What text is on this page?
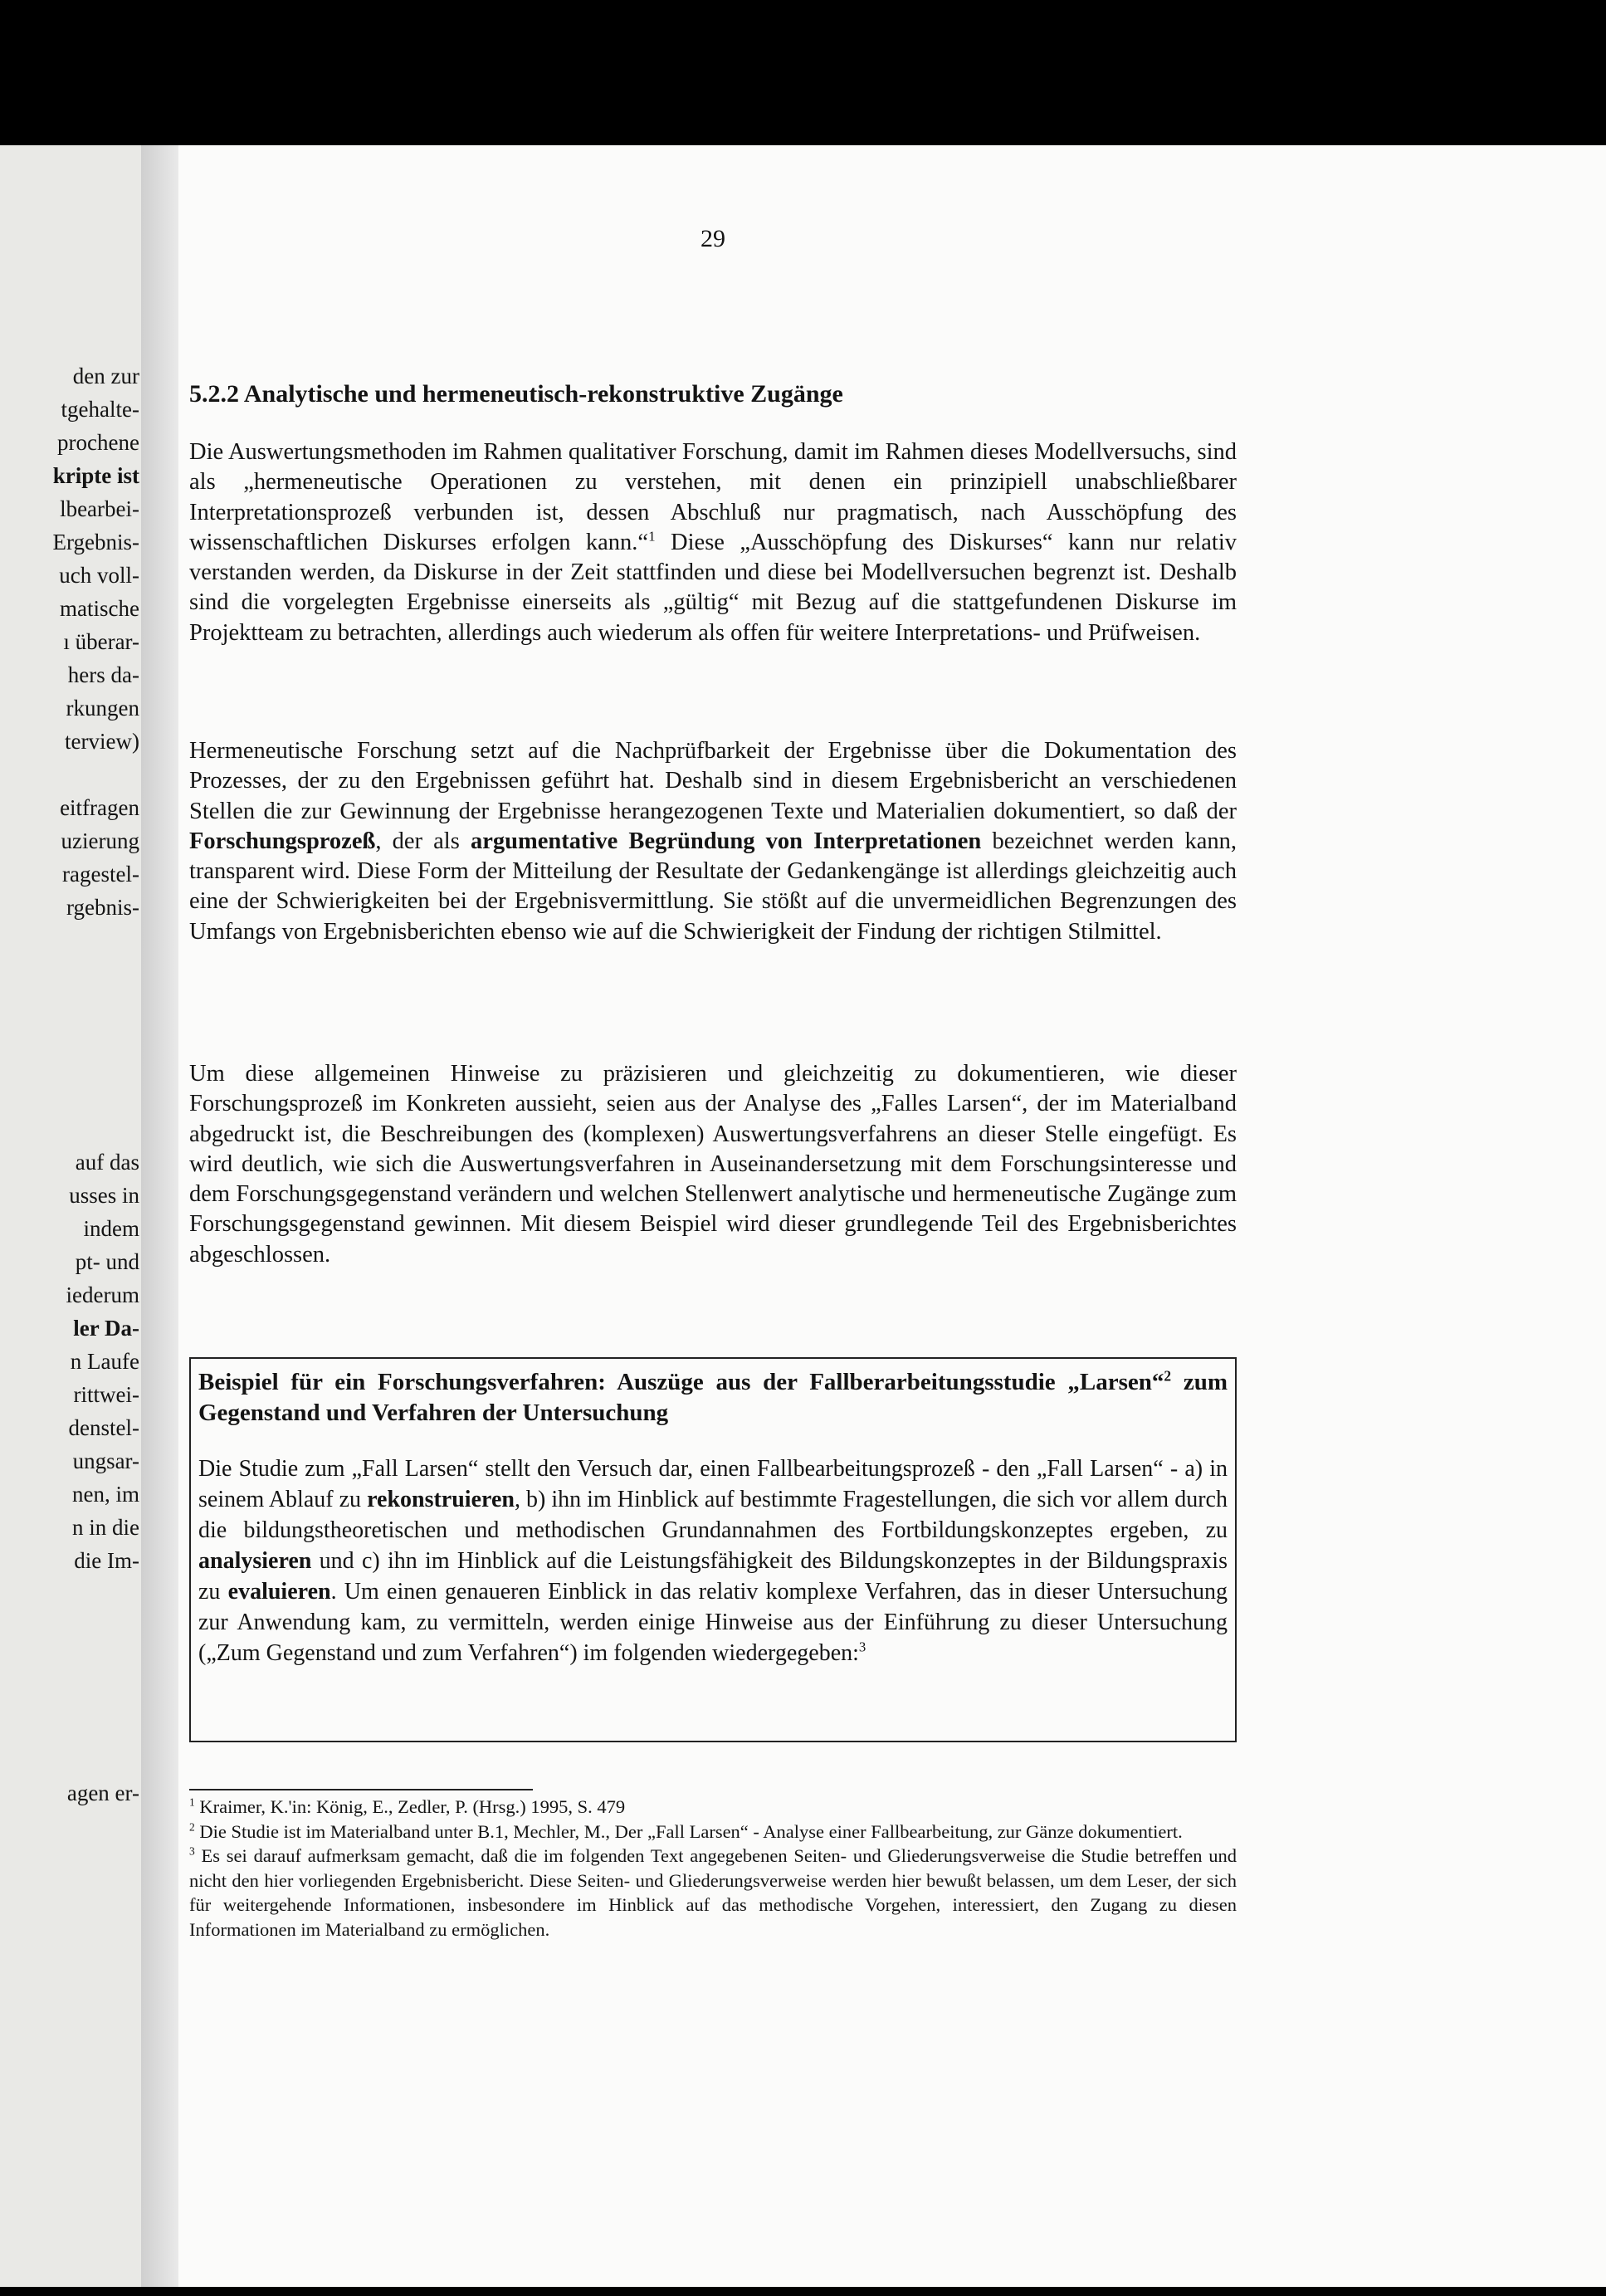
den zur
tgehalte-
prochene
kripte ist
lbearbei-
Ergebnis-
uch voll-
matische
ı überar-
hers da-
rkungen
terview)
eitfragen
uzierung
ragestel-
rgebnis-
auf das
usses in
indem
pt- und
iederum
ler Da-
n Laufe
rittwei-
denstel-
ungsar-
nen, im
n in die
die Im-
agen er-
29
5.2.2 Analytische und hermeneutisch-rekonstruktive Zugänge

Die Auswertungsmethoden im Rahmen qualitativer Forschung, damit im Rahmen dieses Modellversuchs, sind als „hermeneutische Operationen zu verstehen, mit denen ein prinzipiell unabschließbarer Interpretationsprozeß verbunden ist, dessen Abschluß nur pragmatisch, nach Ausschöpfung des wissenschaftlichen Diskurses erfolgen kann.“$^1$ Diese „Ausschöpfung des Diskurses“ kann nur relativ verstanden werden, da Diskurse in der Zeit stattfinden und diese bei Modellversuchen begrenzt ist. Deshalb sind die vorgelegten Ergebnisse einerseits als „gültig“ mit Bezug auf die stattgefundenen Diskurse im Projektteam zu betrachten, allerdings auch wiederum als offen für weitere Interpretations- und Prüfweisen.

Hermeneutische Forschung setzt auf die Nachprüfbarkeit der Ergebnisse über die Dokumentation des Prozesses, der zu den Ergebnissen geführt hat. Deshalb sind in diesem Ergebnisbericht an verschiedenen Stellen die zur Gewinnung der Ergebnisse herangezogenen Texte und Materialien dokumentiert, so daß der Forschungsprozeß, der als argumentative Begründung von Interpretationen bezeichnet werden kann, transparent wird. Diese Form der Mitteilung der Resultate der Gedankengänge ist allerdings gleichzeitig auch eine der Schwierigkeiten bei der Ergebnisvermittlung. Sie stößt auf die unvermeidlichen Begrenzungen des Umfangs von Ergebnisberichten ebenso wie auf die Schwierigkeit der Findung der richtigen Stilmittel.

Um diese allgemeinen Hinweise zu präzisieren und gleichzeitig zu dokumentieren, wie dieser Forschungsprozeß im Konkreten aussieht, seien aus der Analyse des „Falles Larsen“, der im Materialband abgedruckt ist, die Beschreibungen des (komplexen) Auswertungsverfahrens an dieser Stelle eingefügt. Es wird deutlich, wie sich die Auswertungsverfahren in Auseinandersetzung mit dem Forschungsinteresse und dem Forschungsgegenstand verändern und welchen Stellenwert analytische und hermeneutische Zugänge zum Forschungsgegenstand gewinnen. Mit diesem Beispiel wird dieser grundlegende Teil des Ergebnisberichtes abgeschlossen.

Beispiel für ein Forschungsverfahren: Auszüge aus der Fallberarbeitungsstudie „Larsen“$^2$ zum Gegenstand und Verfahren der Untersuchung

Die Studie zum „Fall Larsen“ stellt den Versuch dar, einen Fallbearbeitungsprozeß - den „Fall Larsen“ - a) in seinem Ablauf zu rekonstruieren, b) ihn im Hinblick auf bestimmte Fragestellungen, die sich vor allem durch die bildungstheoretischen und methodischen Grundannahmen des Fortbildungskonzeptes ergeben, zu analysieren und c) ihn im Hinblick auf die Leistungsfähigkeit des Bildungskonzeptes in der Bildungspraxis zu evaluieren. Um einen genaueren Einblick in das relativ komplexe Verfahren, das in dieser Untersuchung zur Anwendung kam, zu vermitteln, werden einige Hinweise aus der Einführung zu dieser Untersuchung („Zum Gegenstand und zum Verfahren“) im folgenden wiedergegeben:$^3$

$^1$ Kraimer, K.'in: König, E., Zedler, P. (Hrsg.) 1995, S. 479

$^2$ Die Studie ist im Materialband unter B.1, Mechler, M., Der „Fall Larsen“ - Analyse einer Fallbearbeitung, zur Gänze dokumentiert.

$^3$ Es sei darauf aufmerksam gemacht, daß die im folgenden Text angegebenen Seiten- und Gliederungsverweise die Studie betreffen und nicht den hier vorliegenden Ergebnisbericht. Diese Seiten- und Gliederungsverweise werden hier bewußt belassen, um dem Leser, der sich für weitergehende Informationen, insbesondere im Hinblick auf das methodische Vorgehen, interessiert, den Zugang zu diesen Informationen im Materialband zu ermöglichen.
